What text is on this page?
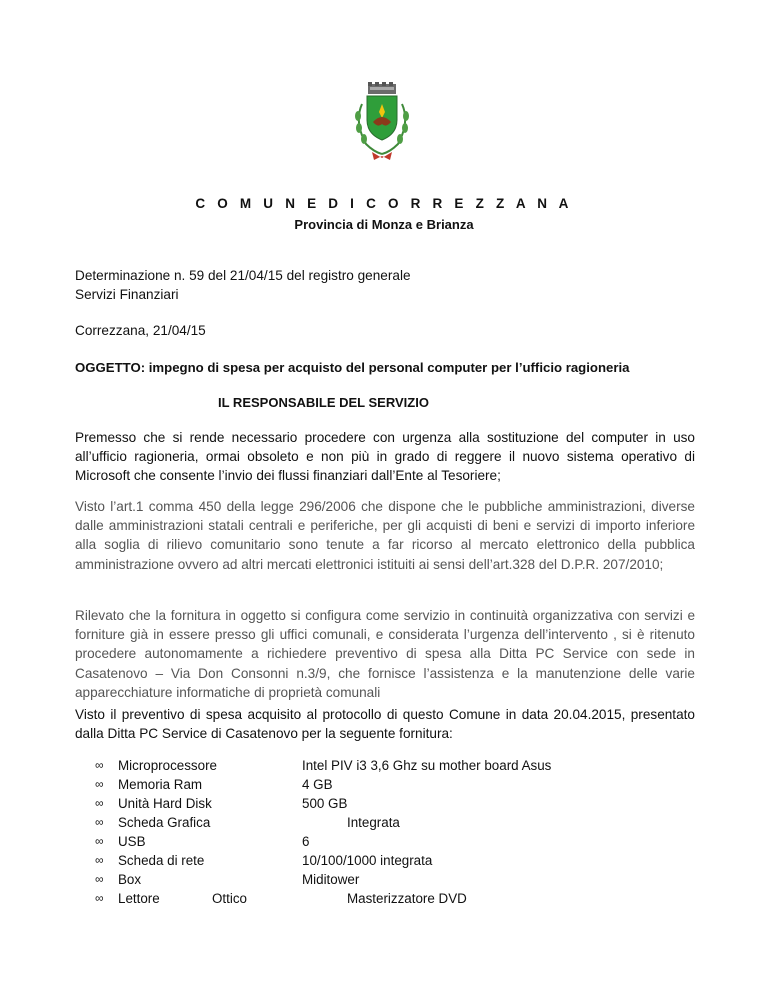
C O M U N E D I C O R R E Z Z A N A
Provincia di Monza e Brianza
Determinazione n. 59 del 21/04/15 del registro generale
Servizi Finanziari
Correzzana, 21/04/15
OGGETTO: impegno di spesa per acquisto del personal computer per l’ufficio ragioneria
IL RESPONSABILE DEL SERVIZIO
Premesso che si rende necessario procedere con urgenza alla sostituzione del computer in uso all’ufficio ragioneria, ormai obsoleto e non più in grado di reggere il nuovo sistema operativo di Microsoft che consente l’invio dei flussi finanziari dall’Ente al Tesoriere;
Visto l’art.1 comma 450 della legge 296/2006 che dispone che le pubbliche amministrazioni, diverse dalle amministrazioni statali centrali e periferiche, per gli acquisti di beni e servizi di importo inferiore alla soglia di rilievo comunitario sono tenute a far ricorso al mercato elettronico della pubblica amministrazione ovvero ad altri mercati elettronici istituiti ai sensi dell’art.328 del D.P.R. 207/2010;
Rilevato che la fornitura in oggetto si configura come servizio in continuità organizzativa con servizi e forniture già in essere presso gli uffici comunali, e considerata l’urgenza dell’intervento , si è ritenuto procedere autonomamente a richiedere preventivo di spesa alla Ditta PC Service con sede in Casatenovo – Via Don Consonni n.3/9, che fornisce l’assistenza e la manutenzione delle varie apparecchiature informatiche di proprietà comunali
Visto il preventivo di spesa acquisito al protocollo di questo Comune in data 20.04.2015, presentato dalla Ditta PC Service di Casatenovo per la seguente fornitura:
∞	Microprocessore	Intel PIV i3 3,6 Ghz su mother board Asus
∞	Memoria Ram	4 GB
∞	Unità Hard Disk	500 GB
∞	Scheda Grafica	Integrata
∞	USB	6
∞	Scheda di rete	10/100/1000 integrata
∞	Box	Miditower
∞	Lettore	Ottico	Masterizzatore DVD
